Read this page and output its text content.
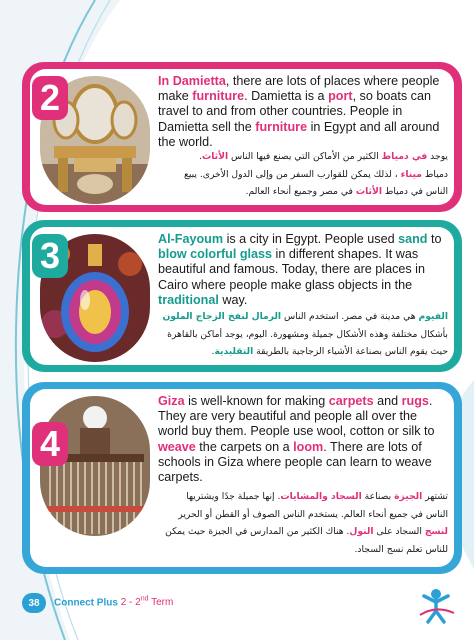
2	In Damietta, there are lots of places where people make furniture. Damietta is a port, so boats can travel to and from other countries. People in Damietta sell the furniture in Egypt and all around the world.
يوجد في دمياط الكثير من الأماكن التي يصنع فيها الناس الأثاث.
دمياط ميناء ، لذلك يمكن للقوارب السفر من وإلى الدول الأخرى. يبيع
الناس في دمياط الأثاث في مصر وجميع أنحاء العالم.
3	Al-Fayoum is a city in Egypt. People used sand to blow colorful glass in different shapes. It was beautiful and famous. Today, there are places in Cairo where people make glass objects in the traditional way.
الفيوم هي مدينة في مصر. استخدم الناس الرمال لنفخ الزجاج الملون
بأشكال مختلفة وهذه الأشكال جميلة ومشهورة. اليوم، يوجد أماكن بالقاهرة
حيث يقوم الناس بصناعة الأشياء الزجاجية بالطريقة التقليدية.
4
Giza is well-known for making carpets and rugs. They are very beautiful and people all over the world buy them. People use wool, cotton or silk to weave the carpets on a loom. There are lots of schools in Giza where people can learn to weave carpets.
تشتهر الجيزة بصناعة السجاد والمشايات. إنها جميلة جدًا ويشتريها
الناس في جميع أنحاء العالم. يستخدم الناس الصوف أو القطن أو الحرير
لنسج السجاد على النول. هناك الكثير من المدارس في الجيزة حيث يمكن
للناس تعلم نسج السجاد.
38	Connect Plus 2 - 2nd Term
